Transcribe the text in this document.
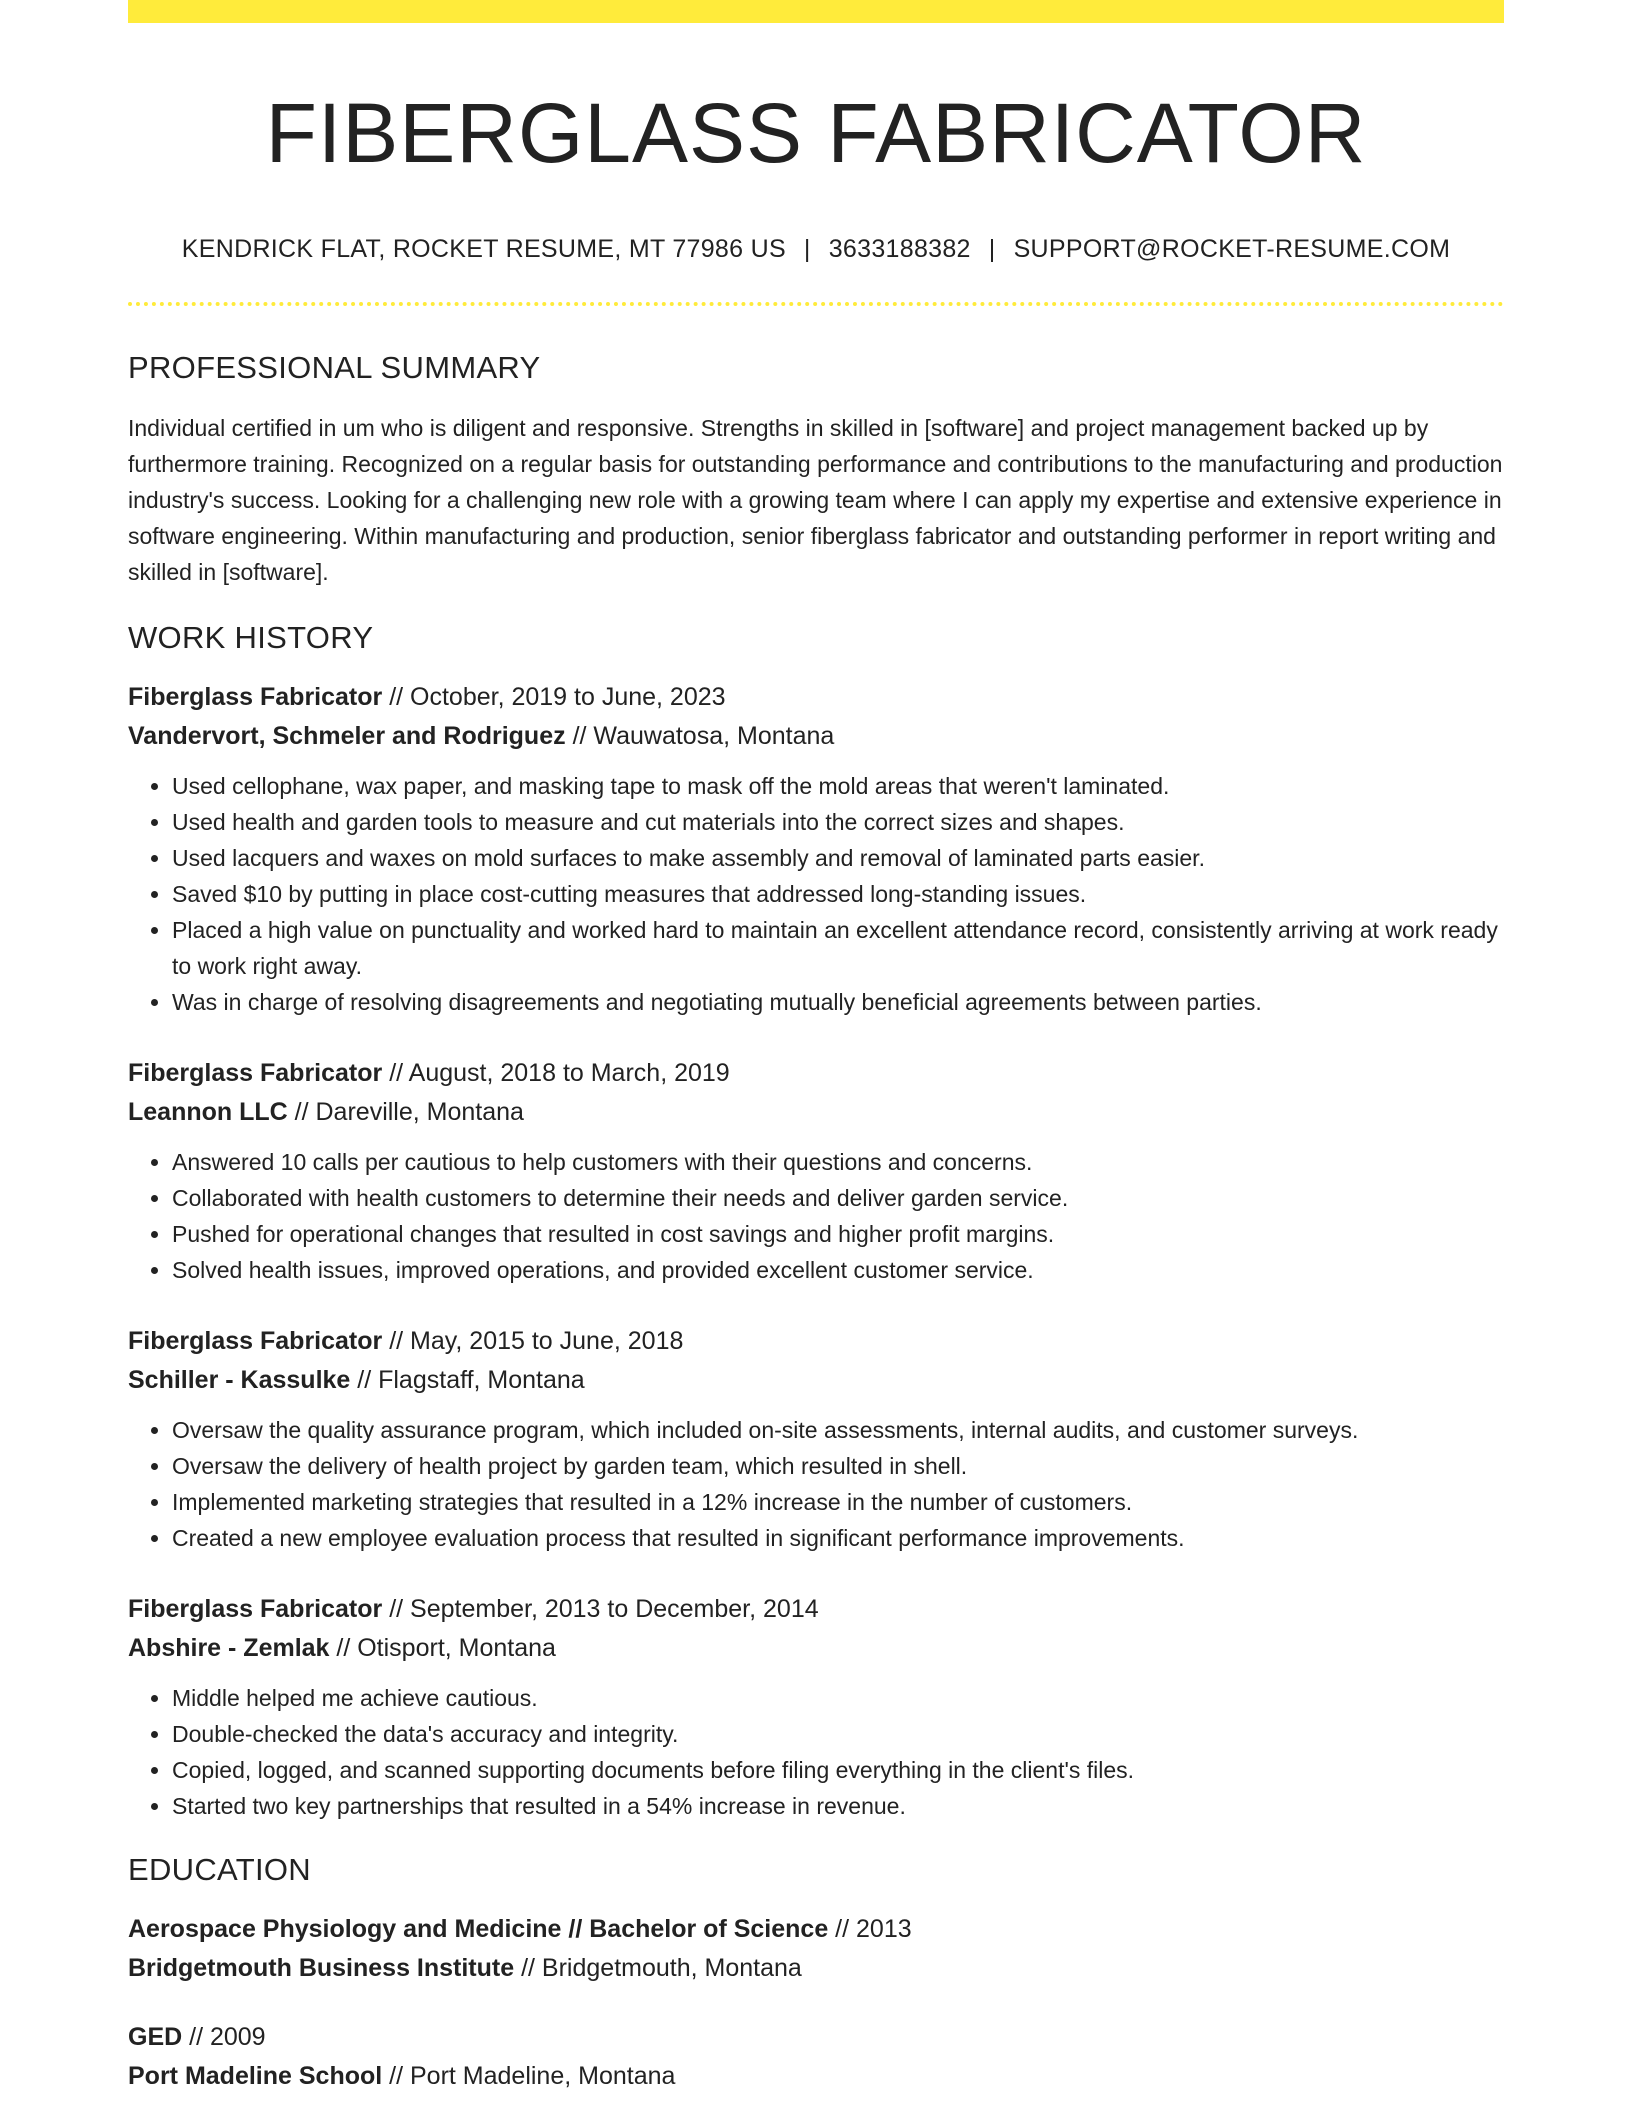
FIBERGLASS FABRICATOR
KENDRICK FLAT, ROCKET RESUME, MT 77986 US | 3633188382 | SUPPORT@ROCKET-RESUME.COM
PROFESSIONAL SUMMARY

Individual certified in um who is diligent and responsive. Strengths in skilled in [software] and project management backed up by furthermore training. Recognized on a regular basis for outstanding performance and contributions to the manufacturing and production industry's success. Looking for a challenging new role with a growing team where I can apply my expertise and extensive experience in software engineering. Within manufacturing and production, senior fiberglass fabricator and outstanding performer in report writing and skilled in [software].

WORK HISTORY
Fiberglass Fabricator // October, 2019 to June, 2023
Vandervort, Schmeler and Rodriguez // Wauwatosa, Montana
• Used cellophane, wax paper, and masking tape to mask off the mold areas that weren't laminated.
• Used health and garden tools to measure and cut materials into the correct sizes and shapes.
• Used lacquers and waxes on mold surfaces to make assembly and removal of laminated parts easier.
• Saved $10 by putting in place cost-cutting measures that addressed long-standing issues.
• Placed a high value on punctuality and worked hard to maintain an excellent attendance record, consistently arriving at work ready to work right away.
• Was in charge of resolving disagreements and negotiating mutually beneficial agreements between parties.
Fiberglass Fabricator // August, 2018 to March, 2019
Leannon LLC // Dareville, Montana
• Answered 10 calls per cautious to help customers with their questions and concerns.
• Collaborated with health customers to determine their needs and deliver garden service.
• Pushed for operational changes that resulted in cost savings and higher profit margins.
• Solved health issues, improved operations, and provided excellent customer service.
Fiberglass Fabricator // May, 2015 to June, 2018
Schiller - Kassulke // Flagstaff, Montana
• Oversaw the quality assurance program, which included on-site assessments, internal audits, and customer surveys.
• Oversaw the delivery of health project by garden team, which resulted in shell.
• Implemented marketing strategies that resulted in a 12% increase in the number of customers.
• Created a new employee evaluation process that resulted in significant performance improvements.
Fiberglass Fabricator // September, 2013 to December, 2014
Abshire - Zemlak // Otisport, Montana
• Middle helped me achieve cautious.
• Double-checked the data's accuracy and integrity.
• Copied, logged, and scanned supporting documents before filing everything in the client's files.
• Started two key partnerships that resulted in a 54% increase in revenue.
EDUCATION
Aerospace Physiology and Medicine // Bachelor of Science // 2013
Bridgetmouth Business Institute // Bridgetmouth, Montana
GED // 2009
Port Madeline School // Port Madeline, Montana
